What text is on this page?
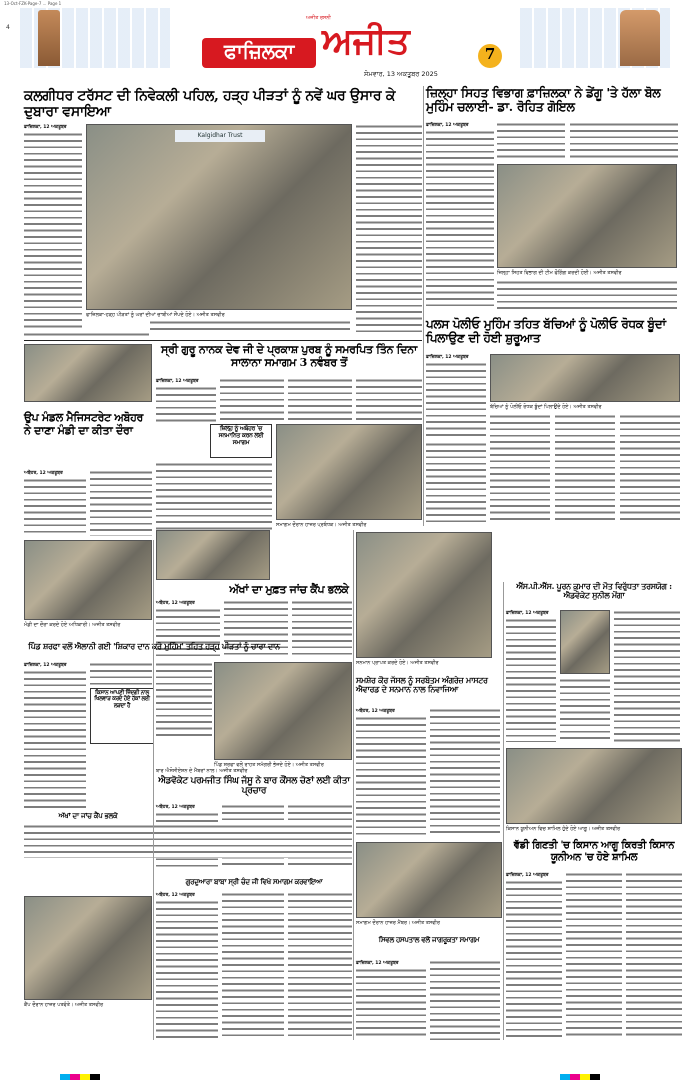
13-Oct-FZK-Page-7 ... Page 1
4
ਅਜੀਤ ਰਸਨੀ
ਫਾਜ਼ਿਲਕਾ ਅਜੀਤ
ਸੋਮਵਾਰ, 13 ਅਕਤੂਬਰ 2025
7
ਕਲਗੀਧਰ ਟਰੱਸਟ ਦੀ ਨਿਵੇਕਲੀ ਪਹਿਲ, ਹੜ੍ਹ ਪੀੜਤਾਂ ਨੂੰ ਨਵੇਂ ਘਰ ਉਸਾਰ ਕੇ ਦੁਬਾਰਾ ਵਸਾਇਆ
ਫ਼ਾਜ਼ਿਲਕਾ, 12 ਅਕਤੂਬਰ
Kalgidhar Trust
ਫਾਜ਼ਿਲਕਾ-ਹੜ੍ਹ ਪੀੜਤਾਂ ਨੂੰ ਘਰਾਂ ਦੀਆਂ ਚਾਬੀਆਂ ਸੌਂਪਦੇ ਹੋਏ। ਅਜੀਤ ਤਸਵੀਰ
ਜ਼ਿਲ੍ਹਾ ਸਿਹਤ ਵਿਭਾਗ ਫ਼ਾਜ਼ਿਲਕਾ ਨੇ ਡੇਂਗੂ 'ਤੇ ਹੱਲਾ ਬੋਲ ਮੁਹਿੰਮ ਚਲਾਈ- ਡਾ. ਰੋਹਿਤ ਗੋਇਲ
ਫ਼ਾਜ਼ਿਲਕਾ, 12 ਅਕਤੂਬਰ
ਜ਼ਿਲ੍ਹਾ ਸਿਹਤ ਵਿਭਾਗ ਦੀ ਟੀਮ ਫੌਗਿੰਗ ਕਰਦੀ ਹੋਈ। ਅਜੀਤ ਤਸਵੀਰ
ਪਲਸ ਪੋਲੀਓ ਮੁਹਿੰਮ ਤਹਿਤ ਬੱਚਿਆਂ ਨੂੰ ਪੋਲੀਓ ਰੋਧਕ ਬੂੰਦਾਂ ਪਿਲਾਉਣ ਦੀ ਹੋਈ ਸ਼ੁਰੂਆਤ
ਫ਼ਾਜ਼ਿਲਕਾ, 12 ਅਕਤੂਬਰ
ਬੱਚਿਆਂ ਨੂੰ ਪੋਲੀਓ ਰੋਧਕ ਬੂੰਦਾਂ ਪਿਲਾਉਂਦੇ ਹੋਏ। ਅਜੀਤ ਤਸਵੀਰ
ਸ੍ਰੀ ਗੁਰੂ ਨਾਨਕ ਦੇਵ ਜੀ ਦੇ ਪ੍ਰਕਾਸ਼ ਪੁਰਬ ਨੂੰ ਸਮਰਪਿਤ ਤਿੰਨ ਦਿਨਾ ਸਾਲਾਨਾ ਸਮਾਗਮ 3 ਨਵੰਬਰ ਤੋਂ
ਫ਼ਾਜ਼ਿਲਕਾ, 12 ਅਕਤੂਬਰ
ਜ਼ਿਲ੍ਹ ਨੂੰ ਅਬੋਹਰ 'ਚ ਸਨਮਾਨਿਤ ਕਰਨ ਲਈ ਸਮਾਗਮ
ਸਮਾਗਮ ਦੌਰਾਨ ਹਾਜ਼ਰ ਪ੍ਰਬੰਧਕ। ਅਜੀਤ ਤਸਵੀਰ
ਉਪ ਮੰਡਲ ਮੈਜਿਸਟਰੇਟ ਅਬੋਹਰ ਨੇ ਦਾਣਾ ਮੰਡੀ ਦਾ ਕੀਤਾ ਦੌਰਾ
ਅਬੋਹਰ, 12 ਅਕਤੂਬਰ
ਮੰਡੀ ਦਾ ਦੌਰਾ ਕਰਦੇ ਹੋਏ ਅਧਿਕਾਰੀ। ਅਜੀਤ ਤਸਵੀਰ
ਅੱਖਾਂ ਦਾ ਮੁਫ਼ਤ ਜਾਂਚ ਕੈਂਪ ਭਲਕੇ
ਅਬੋਹਰ, 12 ਅਕਤੂਬਰ
ਸਨਮਾਨ ਪ੍ਰਾਪਤ ਕਰਦੇ ਹੋਏ। ਅਜੀਤ ਤਸਵੀਰ
ਸਮਸ਼ੇਰ ਕੌਰ ਜੱਸਲ ਨੂੰ ਸਰਬੋਤਮ ਅੰਗਰੇਜ਼ ਮਾਸਟਰ ਐਵਾਰਡ ਦੇ ਸਨਮਾਨ ਨਾਲ ਨਿਵਾਜਿਆ
ਅਬੋਹਰ, 12 ਅਕਤੂਬਰ
ਐੱਸ.ਪੀ.ਐੱਸ. ਪੂਰਨ ਕੁਮਾਰ ਦੀ ਮੌਤ ਵਿਰੁੱਧਤਾ ਤਰਸਯੋਗ : ਐਡਵੋਕੇਟ ਸੁਨੀਲ ਮੋਂਗਾ
ਫ਼ਾਜ਼ਿਲਕਾ, 12 ਅਕਤੂਬਰ
ਪਿੰਡ ਸ਼ਰਫਾ ਵਲੋਂ ਐਲਾਨੀ ਗਈ 'ਸ਼ਿਕਾਰ ਦਾਨ ਕਰੋ ਮੁਹਿੰਮ' ਤਹਿਤ ਹੜ੍ਹ ਪੀੜਤਾਂ ਨੂੰ ਚਾਰਾ ਦਾਨ
ਫ਼ਾਜ਼ਿਲਕਾ, 12 ਅਕਤੂਬਰ
ਕਿਸਾਨ ਆਪਣੀ ਜ਼ਿੰਦਗੀ ਨਾਲ ਖਿਲਵਾੜ ਕਰਦੇ ਹੋਏ ਹੱਕਾਂ ਲਈ ਲੜਦਾ ਹੈ
ਪਿੰਡ ਸ਼ਰਫਾ ਵਲੋਂ ਰਾਹਤ ਸਮੱਗਰੀ ਭੇਜਦੇ ਹੋਏ। ਅਜੀਤ ਤਸਵੀਰ
ਐਡਵੋਕੇਟ ਪਰਮਜੀਤ ਸਿੰਘ ਜੱਸੂ ਨੇ ਬਾਰ ਕੌਂਸਲ ਚੋਣਾਂ ਲਈ ਕੀਤਾ ਪ੍ਰਚਾਰ
ਅਬੋਹਰ, 12 ਅਕਤੂਬਰ
ਬਾਰ ਐਸੋਸੀਏਸ਼ਨ ਦੇ ਮੈਂਬਰਾਂ ਨਾਲ। ਅਜੀਤ ਤਸਵੀਰ
ਅੱਖਾਂ ਦਾ ਜਾਂਚ ਕੈਂਪ ਭਲਕੇ
ਕੈਂਪ ਦੌਰਾਨ ਹਾਜ਼ਰ ਪਤਵੰਤੇ। ਅਜੀਤ ਤਸਵੀਰ
ਗੁਰਦੁਆਰਾ ਬਾਬਾ ਸ੍ਰੀ ਚੰਦ ਜੀ ਵਿਖੇ ਸਮਾਗਮ ਕਰਵਾਇਆ
ਅਬੋਹਰ, 12 ਅਕਤੂਬਰ
ਸਮਾਗਮ ਦੌਰਾਨ ਹਾਜ਼ਰ ਮੈਂਬਰ। ਅਜੀਤ ਤਸਵੀਰ
ਸਿਵਲ ਹਸਪਤਾਲ ਵਲੋਂ ਜਾਗਰੂਕਤਾ ਸਮਾਗਮ
ਫ਼ਾਜ਼ਿਲਕਾ, 12 ਅਕਤੂਬਰ
ਕਿਸਾਨ ਯੂਨੀਅਨ ਵਿਚ ਸ਼ਾਮਿਲ ਹੁੰਦੇ ਹੋਏ ਆਗੂ। ਅਜੀਤ ਤਸਵੀਰ
ਵੱਡੀ ਗਿਣਤੀ 'ਚ ਕਿਸਾਨ ਆਗੂ ਕਿਰਤੀ ਕਿਸਾਨ ਯੂਨੀਅਨ 'ਚ ਹੋਏ ਸ਼ਾਮਿਲ
ਫ਼ਾਜ਼ਿਲਕਾ, 12 ਅਕਤੂਬਰ
